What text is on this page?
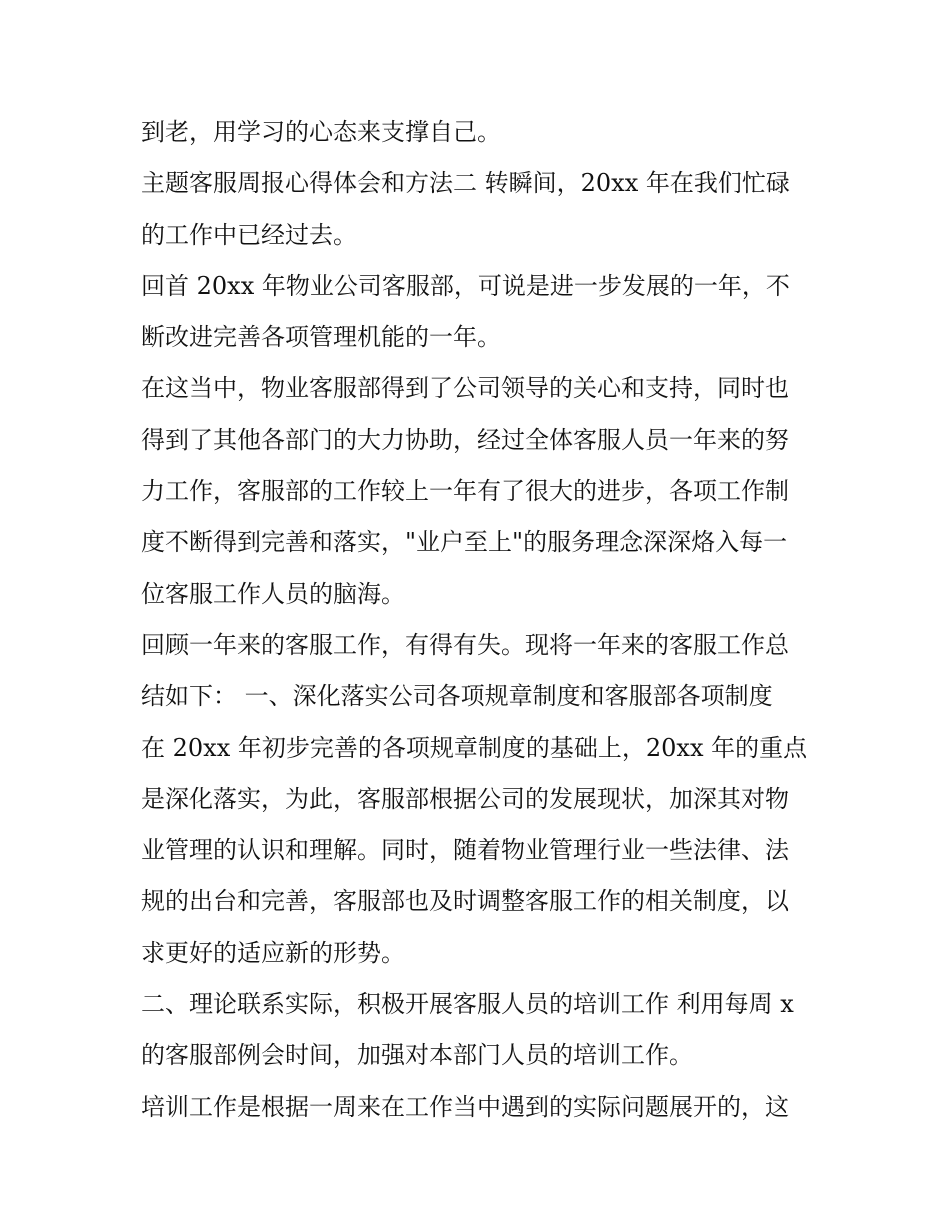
到老，用学习的心态来支撑自己。
主题客服周报心得体会和方法二 转瞬间，20xx 年在我们忙碌
的工作中已经过去。
回首 20xx 年物业公司客服部，可说是进一步发展的一年，不
断改进完善各项管理机能的一年。
在这当中，物业客服部得到了公司领导的关心和支持，同时也
得到了其他各部门的大力协助，经过全体客服人员一年来的努
力工作，客服部的工作较上一年有了很大的进步，各项工作制
度不断得到完善和落实，"业户至上"的服务理念深深烙入每一
位客服工作人员的脑海。
回顾一年来的客服工作，有得有失。现将一年来的客服工作总
结如下： 一、深化落实公司各项规章制度和客服部各项制度
在 20xx 年初步完善的各项规章制度的基础上，20xx 年的重点
是深化落实，为此，客服部根据公司的发展现状，加深其对物
业管理的认识和理解。同时，随着物业管理行业一些法律、法
规的出台和完善，客服部也及时调整客服工作的相关制度，以
求更好的适应新的形势。
二、理论联系实际，积极开展客服人员的培训工作 利用每周 x
的客服部例会时间，加强对本部门人员的培训工作。
培训工作是根据一周来在工作当中遇到的实际问题展开的，这
